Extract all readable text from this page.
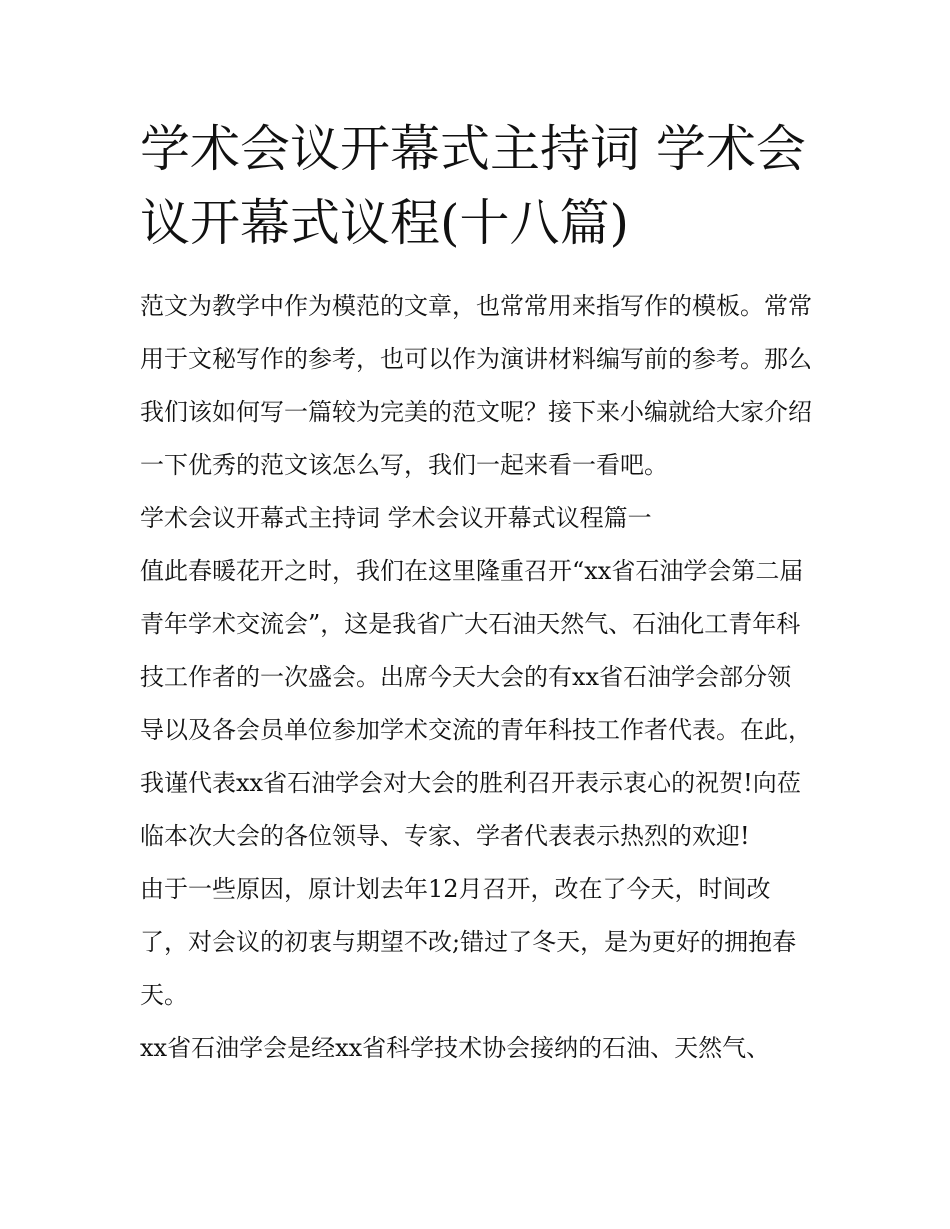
学术会议开幕式主持词 学术会议开幕式议程(十八篇)

范文为教学中作为模范的文章，也常常用来指写作的模板。常常用于文秘写作的参考，也可以作为演讲材料编写前的参考。那么我们该如何写一篇较为完美的范文呢？接下来小编就给大家介绍一下优秀的范文该怎么写，我们一起来看一看吧。

学术会议开幕式主持词 学术会议开幕式议程篇一

值此春暖花开之时，我们在这里隆重召开“xx省石油学会第二届青年学术交流会”，这是我省广大石油天然气、石油化工青年科技工作者的一次盛会。出席今天大会的有xx省石油学会部分领导以及各会员单位参加学术交流的青年科技工作者代表。在此，我谨代表xx省石油学会对大会的胜利召开表示衷心的祝贺!向莅临本次大会的各位领导、专家、学者代表表示热烈的欢迎!

由于一些原因，原计划去年12月召开，改在了今天，时间改了，对会议的初衷与期望不改;错过了冬天，是为更好的拥抱春天。

xx省石油学会是经xx省科学技术协会接纳的石油、天然气、
